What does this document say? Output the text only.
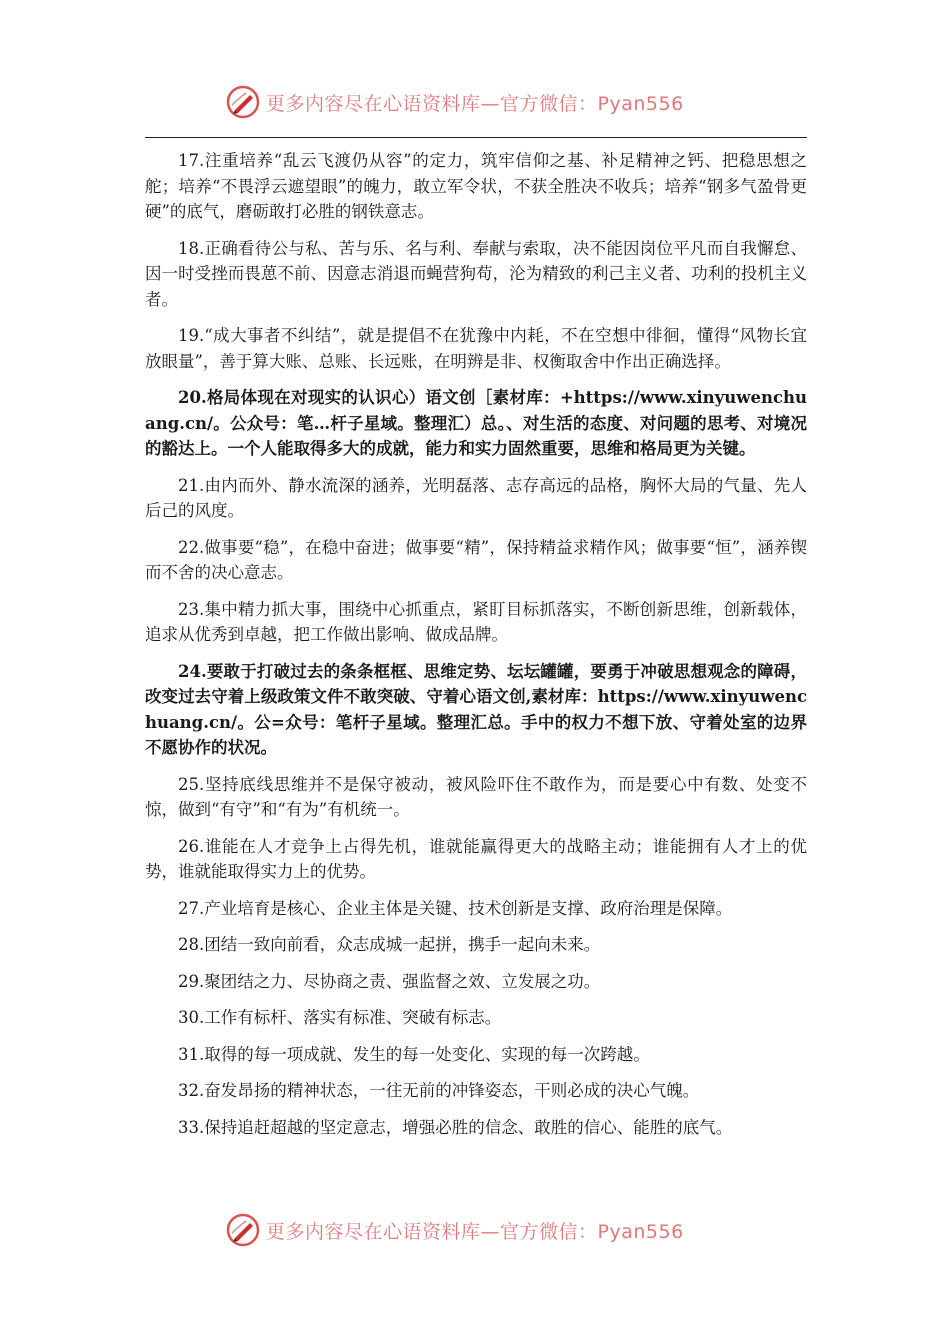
更多内容尽在心语资料库—官方微信：Pyan556

17.注重培养“乱云飞渡仍从容”的定力，筑牢信仰之基、补足精神之钙、把稳思想之舵；培养“不畏浮云遮望眼”的魄力，敢立军令状，不获全胜决不收兵；培养“钢多气盈骨更硬”的底气，磨砺敢打必胜的钢铁意志。

18.正确看待公与私、苦与乐、名与利、奉献与索取，决不能因岗位平凡而自我懈怠、因一时受挫而畏葸不前、因意志消退而蝇营狗苟，沦为精致的利己主义者、功利的投机主义者。

19.“成大事者不纠结”，就是提倡不在犹豫中内耗，不在空想中徘徊，懂得“风物长宜放眼量”，善于算大账、总账、长远账，在明辨是非、权衡取舍中作出正确选择。

20.格局体现在对现实的认识心）语文创［素材库：+https://www.xinyuwenchuang.cn/。公众号：笔…杆子星域。整理汇）总。、对生活的态度、对问题的思考、对境况的豁达上。一个人能取得多大的成就，能力和实力固然重要，思维和格局更为关键。

21.由内而外、静水流深的涵养，光明磊落、志存高远的品格，胸怀大局的气量、先人后己的风度。

22.做事要“稳”，在稳中奋进；做事要“精”，保持精益求精作风；做事要“恒”，涵养锲而不舍的决心意志。

23.集中精力抓大事，围绕中心抓重点，紧盯目标抓落实，不断创新思维，创新载体，追求从优秀到卓越，把工作做出影响、做成品牌。

24.要敢于打破过去的条条框框、思维定势、坛坛罐罐，要勇于冲破思想观念的障碍，改变过去守着上级政策文件不敢突破、守着心语文创,素材库：https://www.xinyuwenchuang.cn/。公=众号：笔杆子星域。整理汇总。手中的权力不想下放、守着处室的边界不愿协作的状况。

25.坚持底线思维并不是保守被动，被风险吓住不敢作为，而是要心中有数、处变不惊，做到“有守”和“有为”有机统一。

26.谁能在人才竞争上占得先机，谁就能赢得更大的战略主动；谁能拥有人才上的优势，谁就能取得实力上的优势。

27.产业培育是核心、企业主体是关键、技术创新是支撑、政府治理是保障。

28.团结一致向前看，众志成城一起拼，携手一起向未来。

29.聚团结之力、尽协商之责、强监督之效、立发展之功。

30.工作有标杆、落实有标准、突破有标志。

31.取得的每一项成就、发生的每一处变化、实现的每一次跨越。

32.奋发昂扬的精神状态，一往无前的冲锋姿态，干则必成的决心气魄。

33.保持追赶超越的坚定意志，增强必胜的信念、敢胜的信心、能胜的底气。

更多内容尽在心语资料库—官方微信：Pyan556
